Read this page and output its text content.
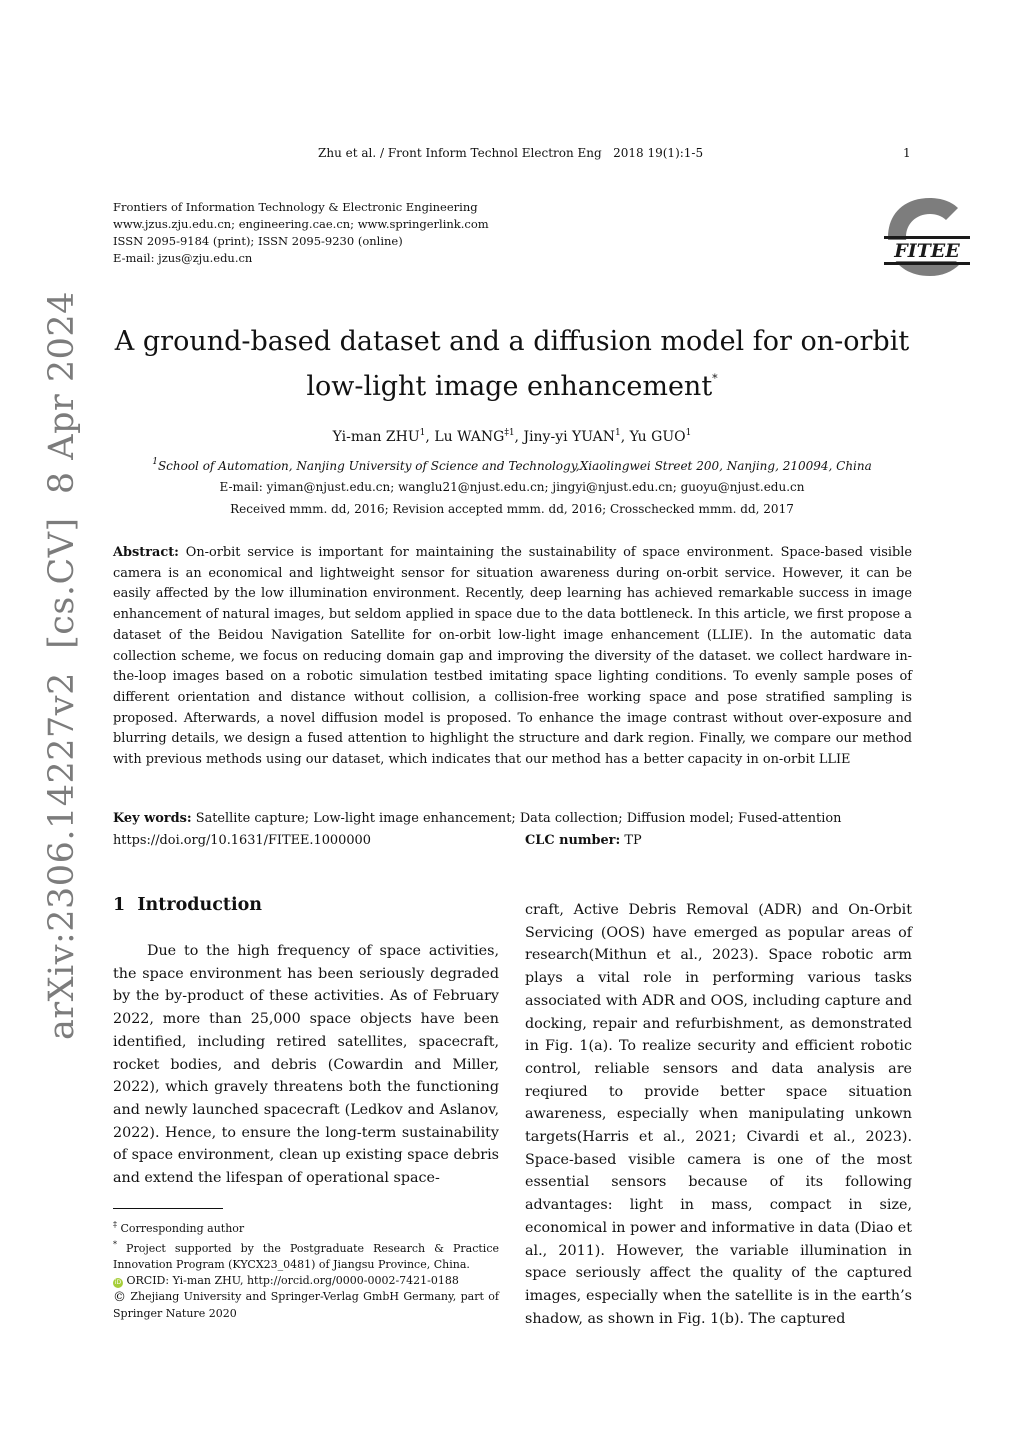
Zhu et al. / Front Inform Technol Electron Eng   2018 19(1):1-5	1
Frontiers of Information Technology & Electronic Engineering
www.jzus.zju.edu.cn; engineering.cae.cn; www.springerlink.com
ISSN 2095-9184 (print); ISSN 2095-9230 (online)
E-mail: jzus@zju.edu.cn	FITEE
A ground-based dataset and a diffusion model for on-orbit
low-light image enhancement*
Yi-man ZHU$^1$, Lu WANG$^{\ddagger 1}$, Jiny-yi YUAN$^1$, Yu GUO$^1$
$^1$School of Automation, Nanjing University of Science and Technology,Xiaolingwei Street 200, Nanjing, 210094, China
E-mail: yiman@njust.edu.cn; wanglu21@njust.edu.cn; jingyi@njust.edu.cn; guoyu@njust.edu.cn
Received mmm. dd, 2016; Revision accepted mmm. dd, 2016; Crosschecked mmm. dd, 2017
Abstract: On-orbit service is important for maintaining the sustainability of space environment. Space-based visible camera is an economical and lightweight sensor for situation awareness during on-orbit service. However, it can be easily affected by the low illumination environment. Recently, deep learning has achieved remarkable success in image enhancement of natural images, but seldom applied in space due to the data bottleneck. In this article, we first propose a dataset of the Beidou Navigation Satellite for on-orbit low-light image enhancement (LLIE). In the automatic data collection scheme, we focus on reducing domain gap and improving the diversity of the dataset. we collect hardware in-the-loop images based on a robotic simulation testbed imitating space lighting conditions. To evenly sample poses of different orientation and distance without collision, a collision-free working space and pose stratified sampling is proposed. Afterwards, a novel diffusion model is proposed. To enhance the image contrast without over-exposure and blurring details, we design a fused attention to highlight the structure and dark region. Finally, we compare our method with previous methods using our dataset, which indicates that our method has a better capacity in on-orbit LLIE
Key words: Satellite capture; Low-light image enhancement; Data collection; Diffusion model; Fused-attention
https://doi.org/10.1631/FITEE.1000000	CLC number: TP
1 Introduction
Due to the high frequency of space activities, the space environment has been seriously degraded by the by-product of these activities. As of February 2022, more than 25,000 space objects have been identified, including retired satellites, spacecraft, rocket bodies, and debris (Cowardin and Miller, 2022), which gravely threatens both the functioning and newly launched spacecraft (Ledkov and Aslanov, 2022). Hence, to ensure the long-term sustainability of space environment, clean up existing space debris and extend the lifespan of operational space-
craft, Active Debris Removal (ADR) and On-Orbit Servicing (OOS) have emerged as popular areas of research(Mithun et al., 2023). Space robotic arm plays a vital role in performing various tasks associated with ADR and OOS, including capture and docking, repair and refurbishment, as demonstrated in Fig. 1(a). To realize security and efficient robotic control, reliable sensors and data analysis are reqiured to provide better space situation awareness, especially when manipulating unkown targets(Harris et al., 2021; Civardi et al., 2023). Space-based visible camera is one of the most essential sensors because of its following advantages: light in mass, compact in size, economical in power and informative in data (Diao et al., 2011). However, the variable illumination in space seriously affect the quality of the captured images, especially when the satellite is in the earth’s shadow, as shown in Fig. 1(b). The captured
‡ Corresponding author
* Project supported by the Postgraduate Research & Practice Innovation Program (KYCX23_0481) of Jiangsu Province, China.
iD ORCID: Yi-man ZHU, http://orcid.org/0000-0002-7421-0188
© Zhejiang University and Springer-Verlag GmbH Germany, part of Springer Nature 2020
arXiv:2306.14227v2  [cs.CV]  8 Apr 2024
